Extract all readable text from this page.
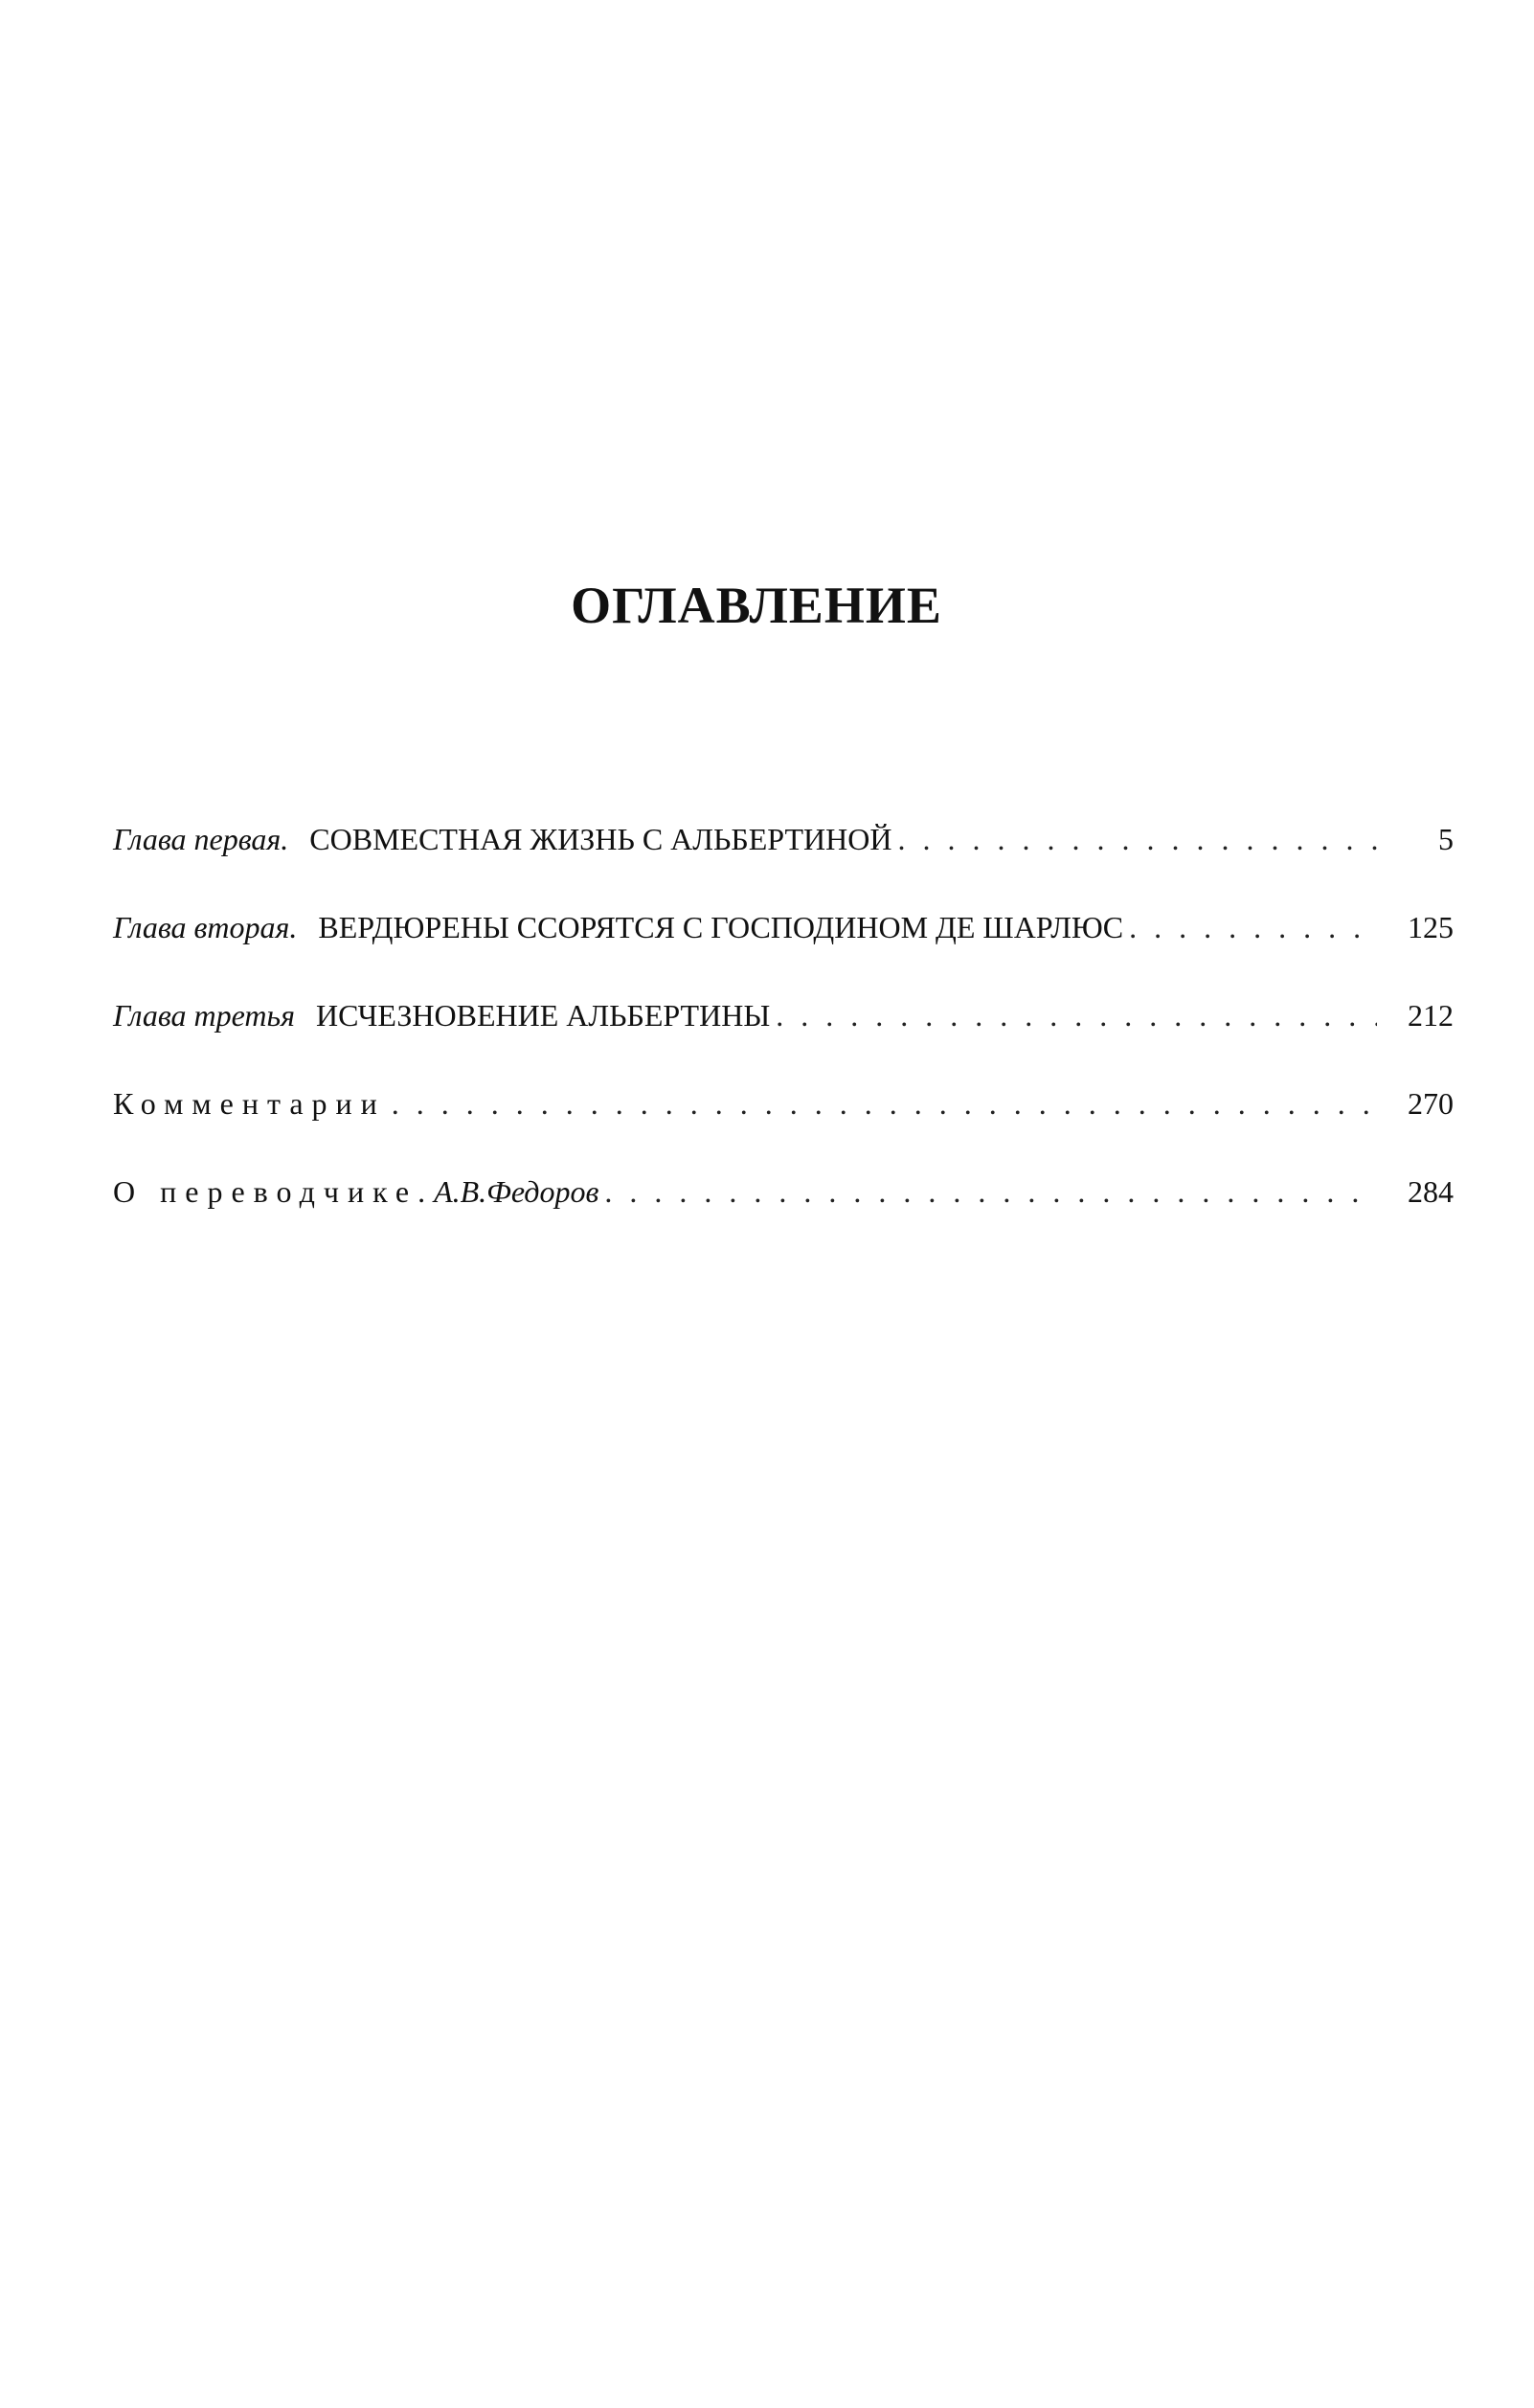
ОГЛАВЛЕНИЕ
Глава первая. СОВМЕСТНАЯ ЖИЗНЬ С АЛЬБЕРТИНОЙ . . .	5
Глава вторая. ВЕРДЮРЕНЫ ССОРЯТСЯ С ГОСПОДИНОМ ДЕ ШАРЛЮС . . .	125
Глава третья ИСЧЕЗНОВЕНИЕ АЛЬБЕРТИНЫ . . .	212
Комментарии . . .	270
О переводчике. А.В.Федоров . . .	284
